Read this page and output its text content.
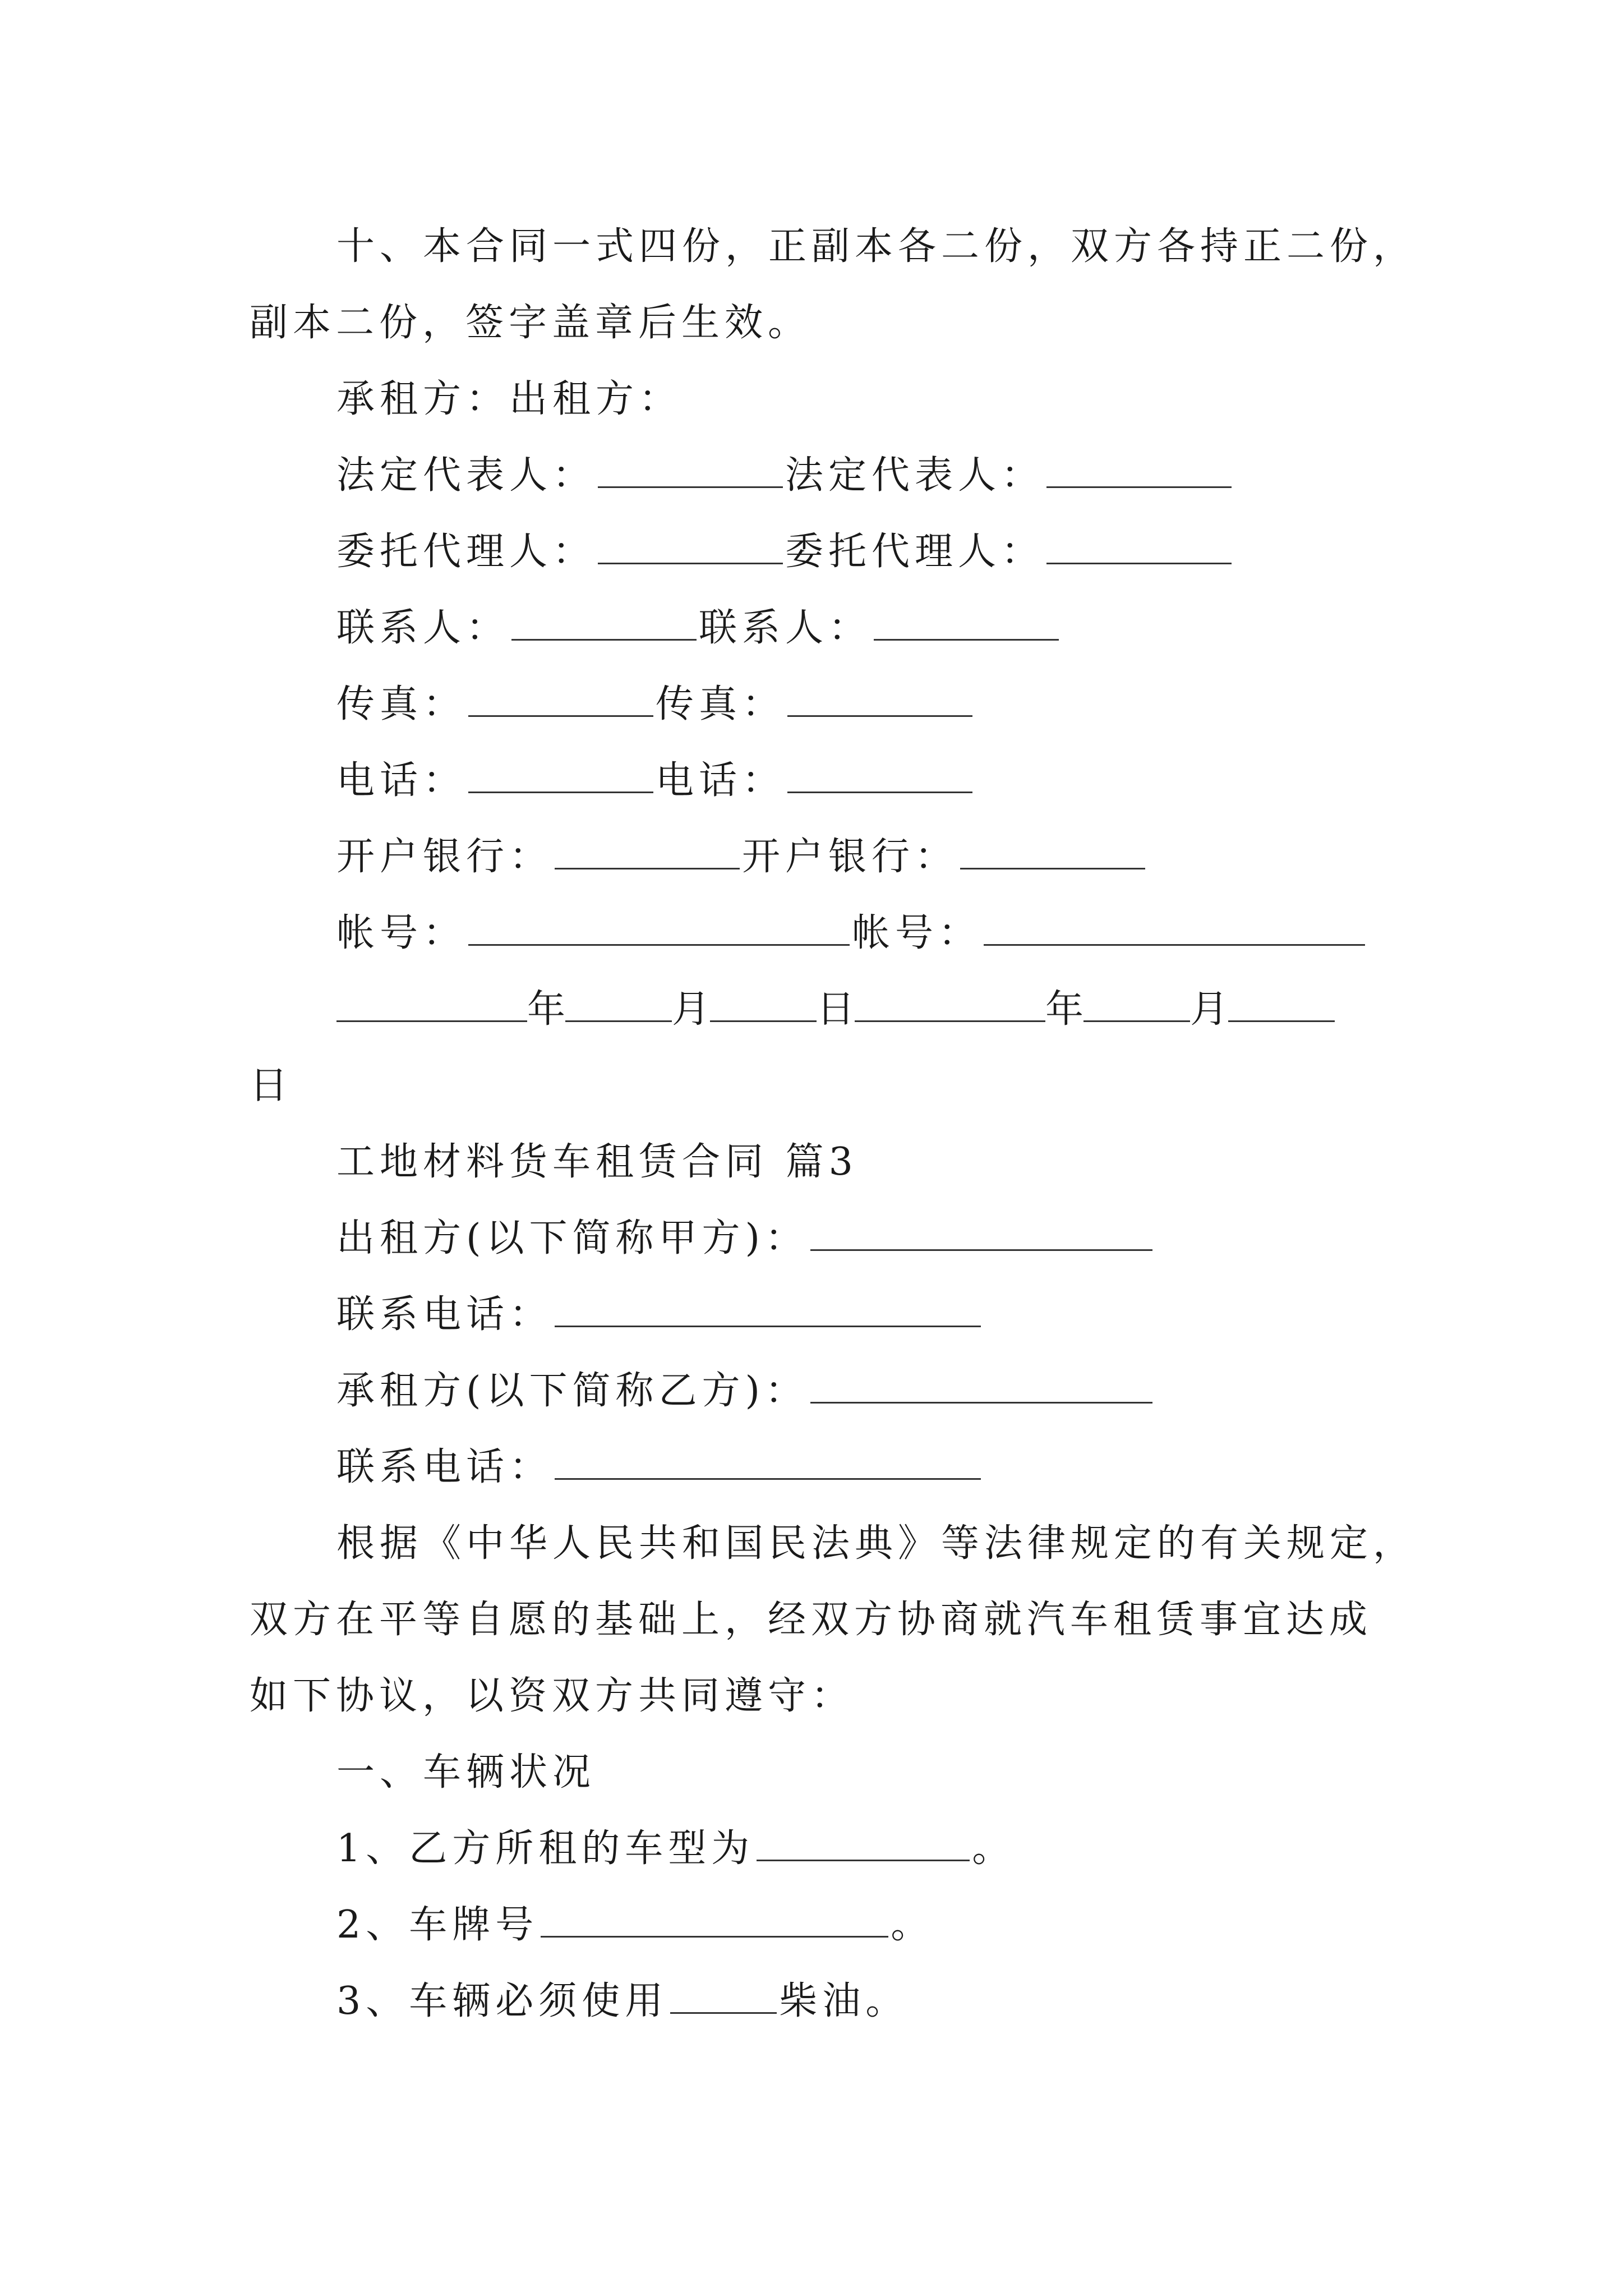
十、本合同一式四份，正副本各二份，双方各持正二份，
副本二份，签字盖章后生效。
承租方：出租方：
法定代表人：	法定代表人：
委托代理人：	委托代理人：
联系人：	联系人：
传真：	传真：
电话：	电话：
开户银行：	开户银行：
帐号：	帐号：
年	月	日	年	月
日
工地材料货车租赁合同 篇3
出租方(以下简称甲方)：
联系电话：
承租方(以下简称乙方)：
联系电话：
根据《中华人民共和国民法典》等法律规定的有关规定，
双方在平等自愿的基础上，经双方协商就汽车租赁事宜达成
如下协议，以资双方共同遵守：
一、车辆状况
1、乙方所租的车型为	。
2、车牌号	。
3、车辆必须使用	柴油。
